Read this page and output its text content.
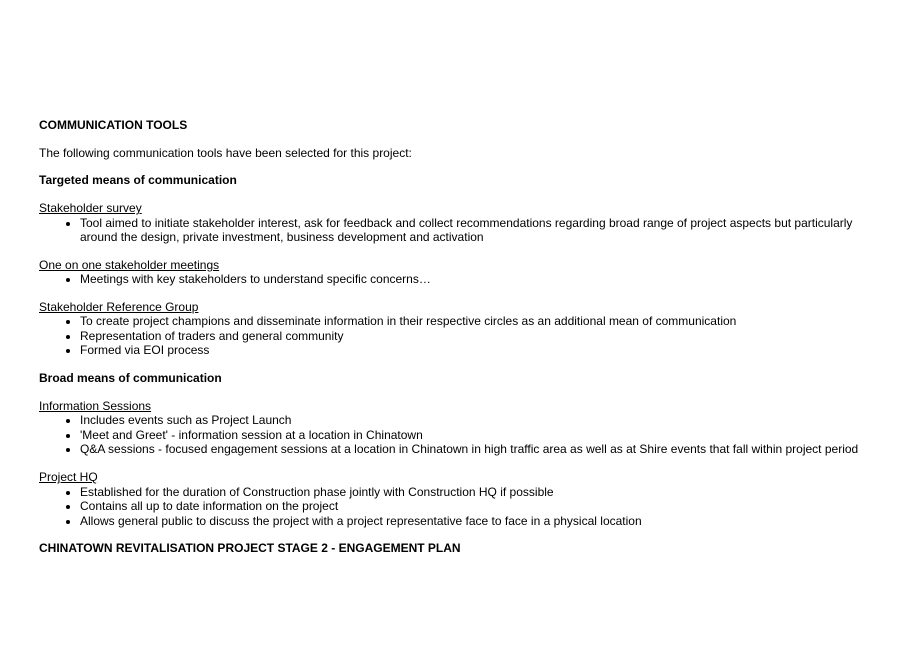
COMMUNICATION TOOLS

The following communication tools have been selected for this project:

Targeted means of communication

Stakeholder survey

• Tool aimed to initiate stakeholder interest, ask for feedback and collect recommendations regarding broad range of project aspects but particularly around the design, private investment, business development and activation

One on one stakeholder meetings

• Meetings with key stakeholders to understand specific concerns…

Stakeholder Reference Group

• To create project champions and disseminate information in their respective circles as an additional mean of communication
• Representation of traders and general community
• Formed via EOI process

Broad means of communication

Information Sessions

• Includes events such as Project Launch
• 'Meet and Greet' - information session at a location in Chinatown
• Q&A sessions - focused engagement sessions at a location in Chinatown in high traffic area as well as at Shire events that fall within project period

Project HQ

• Established for the duration of Construction phase jointly with Construction HQ if possible
• Contains all up to date information on the project
• Allows general public to discuss the project with a project representative face to face in a physical location

CHINATOWN REVITALISATION PROJECT STAGE 2 - ENGAGEMENT PLAN
